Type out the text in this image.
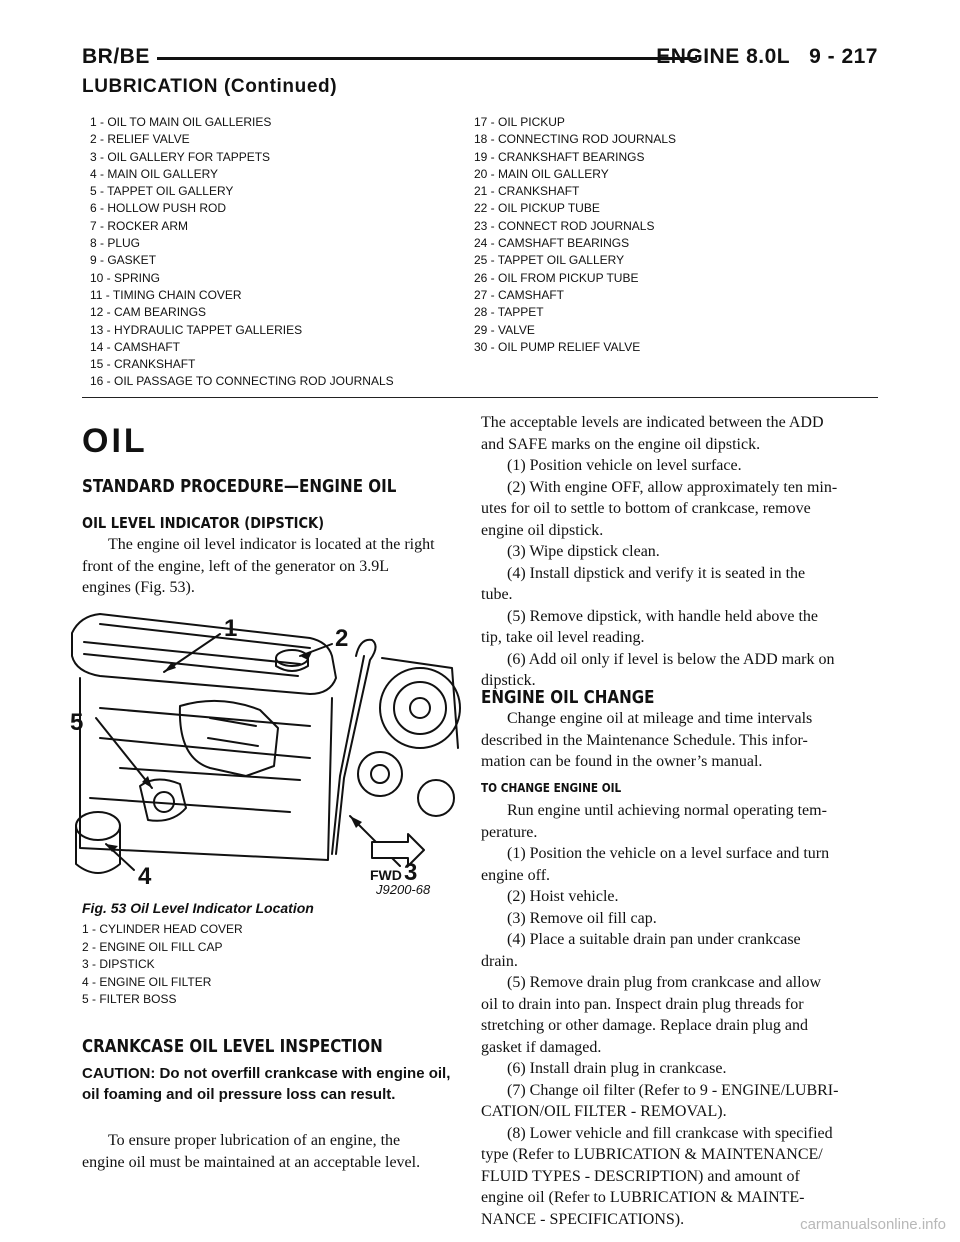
BR/BE	ENGINE 8.0L 9 - 217
LUBRICATION (Continued)
1 - OIL TO MAIN OIL GALLERIES
2 - RELIEF VALVE
3 - OIL GALLERY FOR TAPPETS
4 - MAIN OIL GALLERY
5 - TAPPET OIL GALLERY
6 - HOLLOW PUSH ROD
7 - ROCKER ARM
8 - PLUG
9 - GASKET
10 - SPRING
11 - TIMING CHAIN COVER
12 - CAM BEARINGS
13 - HYDRAULIC TAPPET GALLERIES
14 - CAMSHAFT
15 - CRANKSHAFT
16 - OIL PASSAGE TO CONNECTING ROD JOURNALS
17 - OIL PICKUP
18 - CONNECTING ROD JOURNALS
19 - CRANKSHAFT BEARINGS
20 - MAIN OIL GALLERY
21 - CRANKSHAFT
22 - OIL PICKUP TUBE
23 - CONNECT ROD JOURNALS
24 - CAMSHAFT BEARINGS
25 - TAPPET OIL GALLERY
26 - OIL FROM PICKUP TUBE
27 - CAMSHAFT
28 - TAPPET
29 - VALVE
30 - OIL PUMP RELIEF VALVE
OIL
STANDARD PROCEDURE—ENGINE OIL
OIL LEVEL INDICATOR (DIPSTICK)
The engine oil level indicator is located at the right
front of the engine, left of the generator on 3.9L
engines (Fig. 53).
1	2
3
4
5
FWD
J9200-68
Fig. 53 Oil Level Indicator Location
1 - CYLINDER HEAD COVER
2 - ENGINE OIL FILL CAP
3 - DIPSTICK
4 - ENGINE OIL FILTER
5 - FILTER BOSS
CRANKCASE OIL LEVEL INSPECTION
CAUTION: Do not overfill crankcase with engine oil,
oil foaming and oil pressure loss can result.
To ensure proper lubrication of an engine, the
engine oil must be maintained at an acceptable level.
The acceptable levels are indicated between the ADD
and SAFE marks on the engine oil dipstick.
(1) Position vehicle on level surface.
(2) With engine OFF, allow approximately ten min-
utes for oil to settle to bottom of crankcase, remove
engine oil dipstick.
(3) Wipe dipstick clean.
(4) Install dipstick and verify it is seated in the
tube.
(5) Remove dipstick, with handle held above the
tip, take oil level reading.
(6) Add oil only if level is below the ADD mark on
dipstick.
ENGINE OIL CHANGE
Change engine oil at mileage and time intervals
described in the Maintenance Schedule. This infor-
mation can be found in the owner’s manual.
TO CHANGE ENGINE OIL
Run engine until achieving normal operating tem-
perature.
(1) Position the vehicle on a level surface and turn
engine off.
(2) Hoist vehicle.
(3) Remove oil fill cap.
(4) Place a suitable drain pan under crankcase
drain.
(5) Remove drain plug from crankcase and allow
oil to drain into pan. Inspect drain plug threads for
stretching or other damage. Replace drain plug and
gasket if damaged.
(6) Install drain plug in crankcase.
(7) Change oil filter (Refer to 9 - ENGINE/LUBRI-
CATION/OIL FILTER - REMOVAL).
(8) Lower vehicle and fill crankcase with specified
type (Refer to LUBRICATION & MAINTENANCE/
FLUID TYPES - DESCRIPTION) and amount of
engine oil (Refer to LUBRICATION & MAINTE-
NANCE - SPECIFICATIONS).	carmanualsonline.info
